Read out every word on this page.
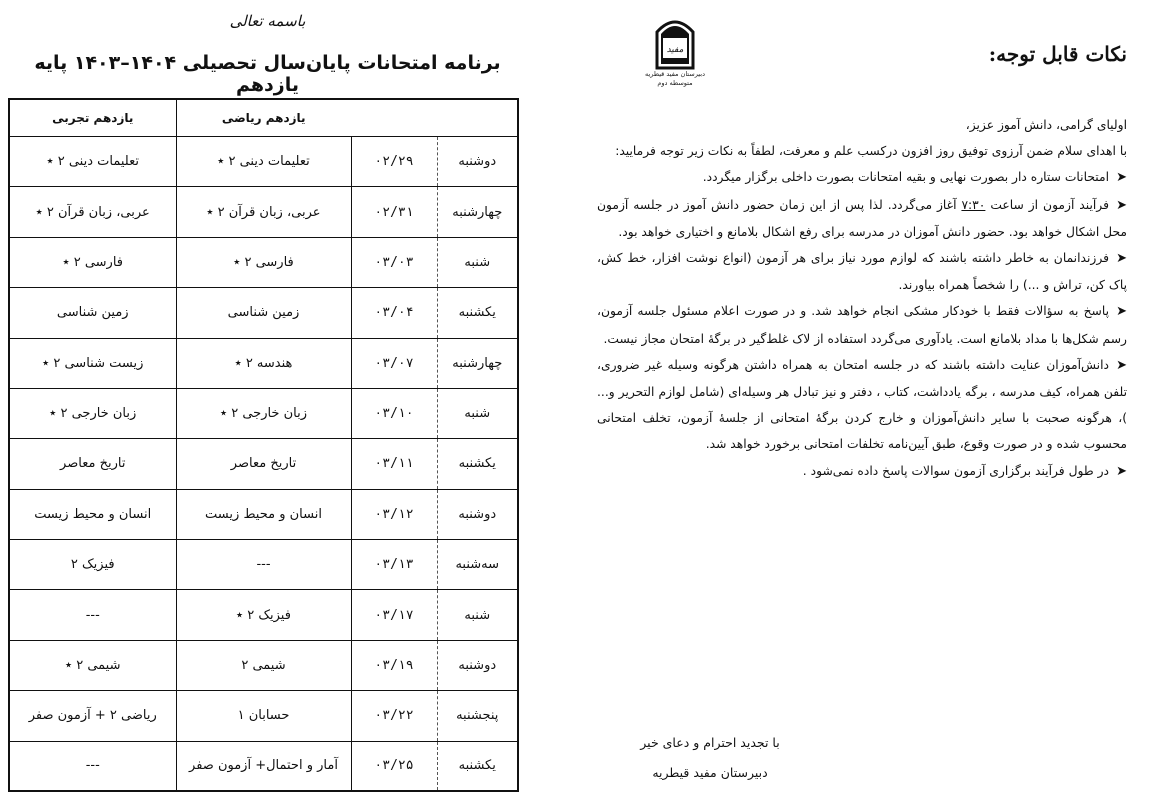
باسمه تعالی
برنامه امتحانات پایان‌سال تحصیلی ۱۴۰۴–۱۴۰۳ پایه یازدهم
		یازدهم ریاضی	یازدهم تجربی
دوشنبه	۰۲/۲۹	تعلیمات دینی ۲ ٭	تعلیمات دینی ۲ ٭
چهارشنبه	۰۲/۳۱	عربی، زبان قرآن ۲ ٭	عربی، زبان قرآن ۲ ٭
شنبه	۰۳/۰۳	فارسی ۲ ٭	فارسی ۲ ٭
یکشنبه	۰۳/۰۴	زمین شناسی	زمین شناسی
چهارشنبه	۰۳/۰۷	هندسه ۲ ٭	زیست شناسی ۲ ٭
شنبه	۰۳/۱۰	زبان خارجی ۲ ٭	زبان خارجی ۲ ٭
یکشنبه	۰۳/۱۱	تاریخ معاصر	تاریخ معاصر
دوشنبه	۰۳/۱۲	انسان و محیط زیست	انسان و محیط زیست
سه‌شنبه	۰۳/۱۳	---	فیزیک ۲
شنبه	۰۳/۱۷	فیزیک ۲ ٭	---
دوشنبه	۰۳/۱۹	شیمی ۲	شیمی ۲ ٭
پنجشنبه	۰۳/۲۲	حسابان ۱	ریاضی ۲ + آزمون صفر
یکشنبه	۰۳/۲۵	آمار و احتمال+ آزمون صفر	---
نکات قابل توجه:
مفید
دبیرستان مفید قیطریه
متوسطه دوم

اولیای گرامی، دانش آموز عزیز،

با اهدای سلام ضمن آرزوی توفیق روز افزون درکسب علم و معرفت، لطفاً به نکات زیر توجه فرمایید:

➤امتحانات ستاره دار بصورت نهایی و بقیه امتحانات بصورت داخلی برگزار میگردد.

➤فرآیند آزمون از ساعت ۷:۳۰ آغاز می‌گردد. لذا پس از این زمان حضور دانش آموز در جلسه آزمون محل اشکال خواهد بود. حضور دانش آموزان در مدرسه برای رفع اشکال بلامانع و اختیاری خواهد بود.

➤فرزندانمان به خاطر داشته باشند که لوازم مورد نیاز برای هر آزمون (انواع نوشت افزار، خط کش، پاک کن، تراش و ...) را شخصاً همراه بیاورند.

➤پاسخ به سؤالات فقط با خودکار مشکی انجام خواهد شد. و در صورت اعلام مسئول جلسه آزمون، رسم شکل‌ها با مداد بلامانع است. یادآوری می‌گردد استفاده از لاک غلط‌گیر در برگهٔ امتحان مجاز نیست.

➤دانش‌آموزان عنایت داشته باشند که در جلسه امتحان به همراه داشتن هرگونه وسیله غیر ضروری، تلفن همراه، کیف مدرسه ، برگه یادداشت، کتاب ، دفتر و نیز تبادل هر وسیله‌ای (شامل لوازم التحریر و... )، هرگونه صحبت با سایر دانش‌آموزان و خارج کردن برگهٔ امتحانی از جلسهٔ آزمون، تخلف امتحانی محسوب شده و در صورت وقوع، طبق آیین‌نامه تخلفات امتحانی برخورد خواهد شد.

➤در طول فرآیند برگزاری آزمون سوالات پاسخ داده نمی‌شود .

با تجدید احترام و دعای خیر
دبیرستان مفید قیطریه
